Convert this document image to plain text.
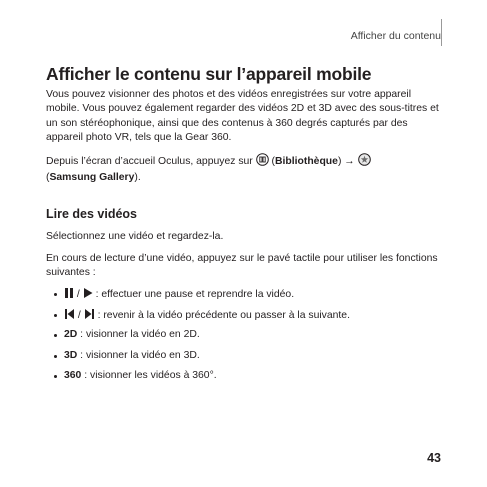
Afficher du contenu
Afficher le contenu sur l’appareil mobile

Vous pouvez visionner des photos et des vidéos enregistrées sur votre appareil mobile. Vous pouvez également regarder des vidéos 2D et 3D avec des sous-titres et un son stéréophonique, ainsi que des contenus à 360 degrés capturés par des appareil photo VR, tels que la Gear 360.

Depuis l’écran d’accueil Oculus, appuyez sur (Bibliothèque) →
(Samsung Gallery).

Lire des vidéos

Sélectionnez une vidéo et regardez-la.

En cours de lecture d’une vidéo, appuyez sur le pavé tactile pour utiliser les fonctions suivantes :

/ : effectuer une pause et reprendre la vidéo.
/ : revenir à la vidéo précédente ou passer à la suivante.
2D : visionner la vidéo en 2D.
3D : visionner la vidéo en 3D.
360 : visionner les vidéos à 360°.
43
